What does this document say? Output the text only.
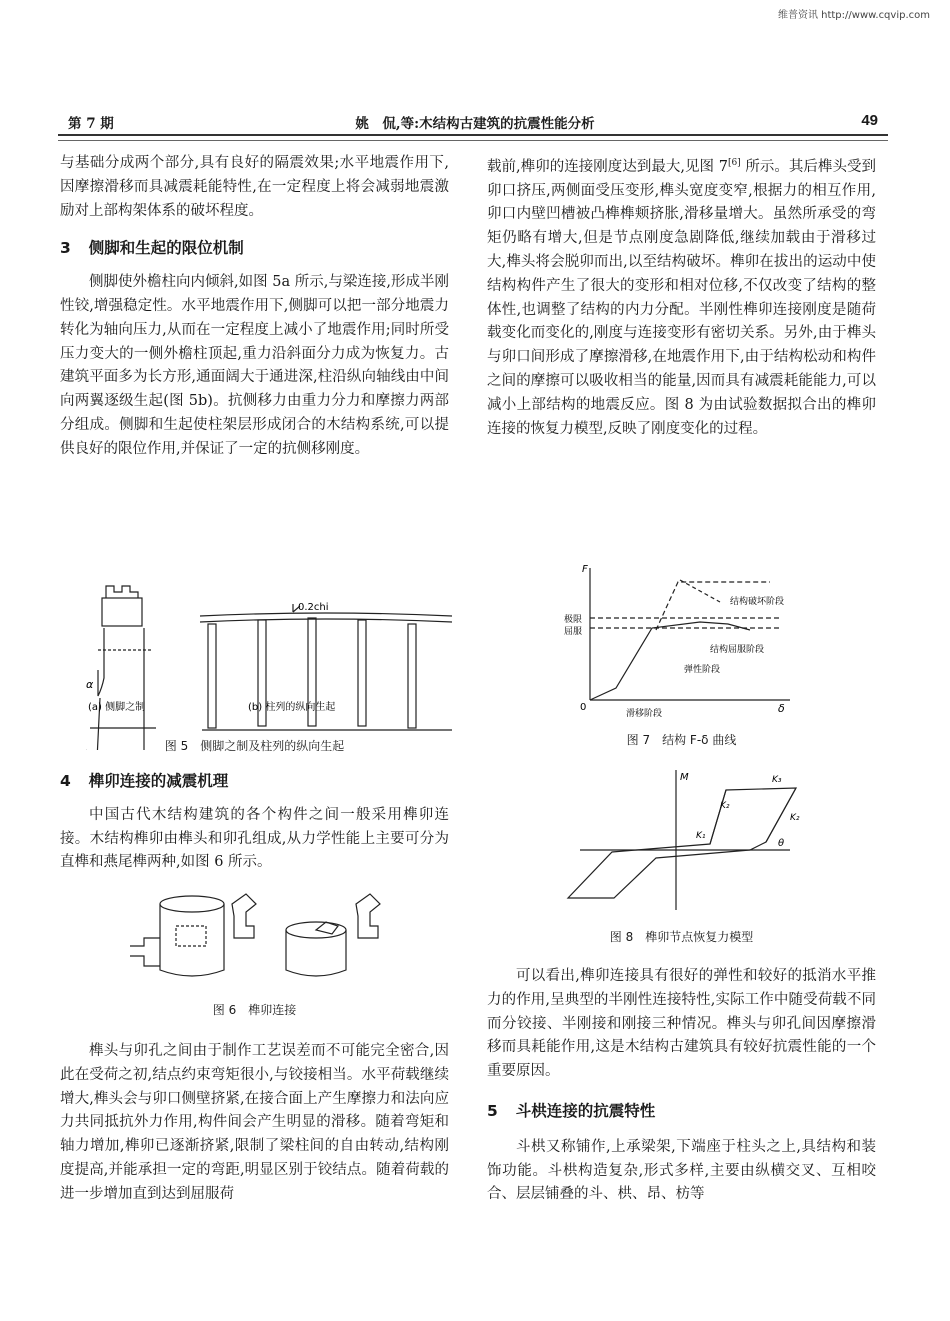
维普资讯 http://www.cqvip.com
第 7 期	姚　侃,等:木结构古建筑的抗震性能分析	49

与基础分成两个部分,具有良好的隔震效果;水平地震作用下,因摩擦滑移而具减震耗能特性,在一定程度上将会减弱地震激励对上部构架体系的破坏程度。

3 侧脚和生起的限位机制

侧脚使外檐柱向内倾斜,如图 5a 所示,与梁连接,形成半刚性铰,增强稳定性。水平地震作用下,侧脚可以把一部分地震力转化为轴向压力,从而在一定程度上减小了地震作用;同时所受压力变大的一侧外檐柱顶起,重力沿斜面分力成为恢复力。古建筑平面多为长方形,通面阔大于通进深,柱沿纵向轴线由中间向两翼逐级生起(图 5b)。抗侧移力由重力分力和摩擦力两部分组成。侧脚和生起使柱架层形成闭合的木结构系统,可以提供良好的限位作用,并保证了一定的抗侧移刚度。

α
0.2chi
(a) 侧脚之制	(b) 柱列的纵向生起
图 5　侧脚之制及柱列的纵向生起
4 榫卯连接的减震机理

中国古代木结构建筑的各个构件之间一般采用榫卯连接。木结构榫卯由榫头和卯孔组成,从力学性能上主要可分为直榫和燕尾榫两种,如图 6 所示。

图 6　榫卯连接

榫头与卯孔之间由于制作工艺误差而不可能完全密合,因此在受荷之初,结点约束弯矩很小,与铰接相当。水平荷载继续增大,榫头会与卯口侧壁挤紧,在接合面上产生摩擦力和法向应力共同抵抗外力作用,构件间会产生明显的滑移。随着弯矩和轴力增加,榫卯已逐渐挤紧,限制了梁柱间的自由转动,结构刚度提高,并能承担一定的弯距,明显区别于铰结点。随着荷载的进一步增加直到达到屈服荷

载前,榫卯的连接刚度达到最大,见图 7[6] 所示。其后榫头受到卯口挤压,两侧面受压变形,榫头宽度变窄,根据力的相互作用,卯口内壁凹槽被凸榫榫颊挤胀,滑移量增大。虽然所承受的弯矩仍略有增大,但是节点刚度急剧降低,继续加载由于滑移过大,榫头将会脱卯而出,以至结构破坏。榫卯在拔出的运动中使结构构件产生了很大的变形和相对位移,不仅改变了结构的整体性,也调整了结构的内力分配。半刚性榫卯连接刚度是随荷载变化而变化的,刚度与连接变形有密切关系。另外,由于榫头与卯口间形成了摩擦滑移,在地震作用下,由于结构松动和构件之间的摩擦可以吸收相当的能量,因而具有减震耗能能力,可以减小上部结构的地震反应。图 8 为由试验数据拟合出的榫卯连接的恢复力模型,反映了刚度变化的过程。

F
δ
0
极限
屈服
结构破坏阶段
结构屈服阶段
弹性阶段
滑移阶段
图 7　结构 F-δ 曲线
M
θ
K₁
K₂
K₂
K₃
图 8　榫卯节点恢复力模型

可以看出,榫卯连接具有很好的弹性和较好的抵消水平推力的作用,呈典型的半刚性连接特性,实际工作中随受荷载不同而分铰接、半刚接和刚接三种情况。榫头与卯孔间因摩擦滑移而具耗能作用,这是木结构古建筑具有较好抗震性能的一个重要原因。

5 斗栱连接的抗震特性

斗栱又称铺作,上承梁架,下端座于柱头之上,具结构和装饰功能。斗栱构造复杂,形式多样,主要由纵横交叉、互相咬合、层层铺叠的斗、栱、昂、枋等
